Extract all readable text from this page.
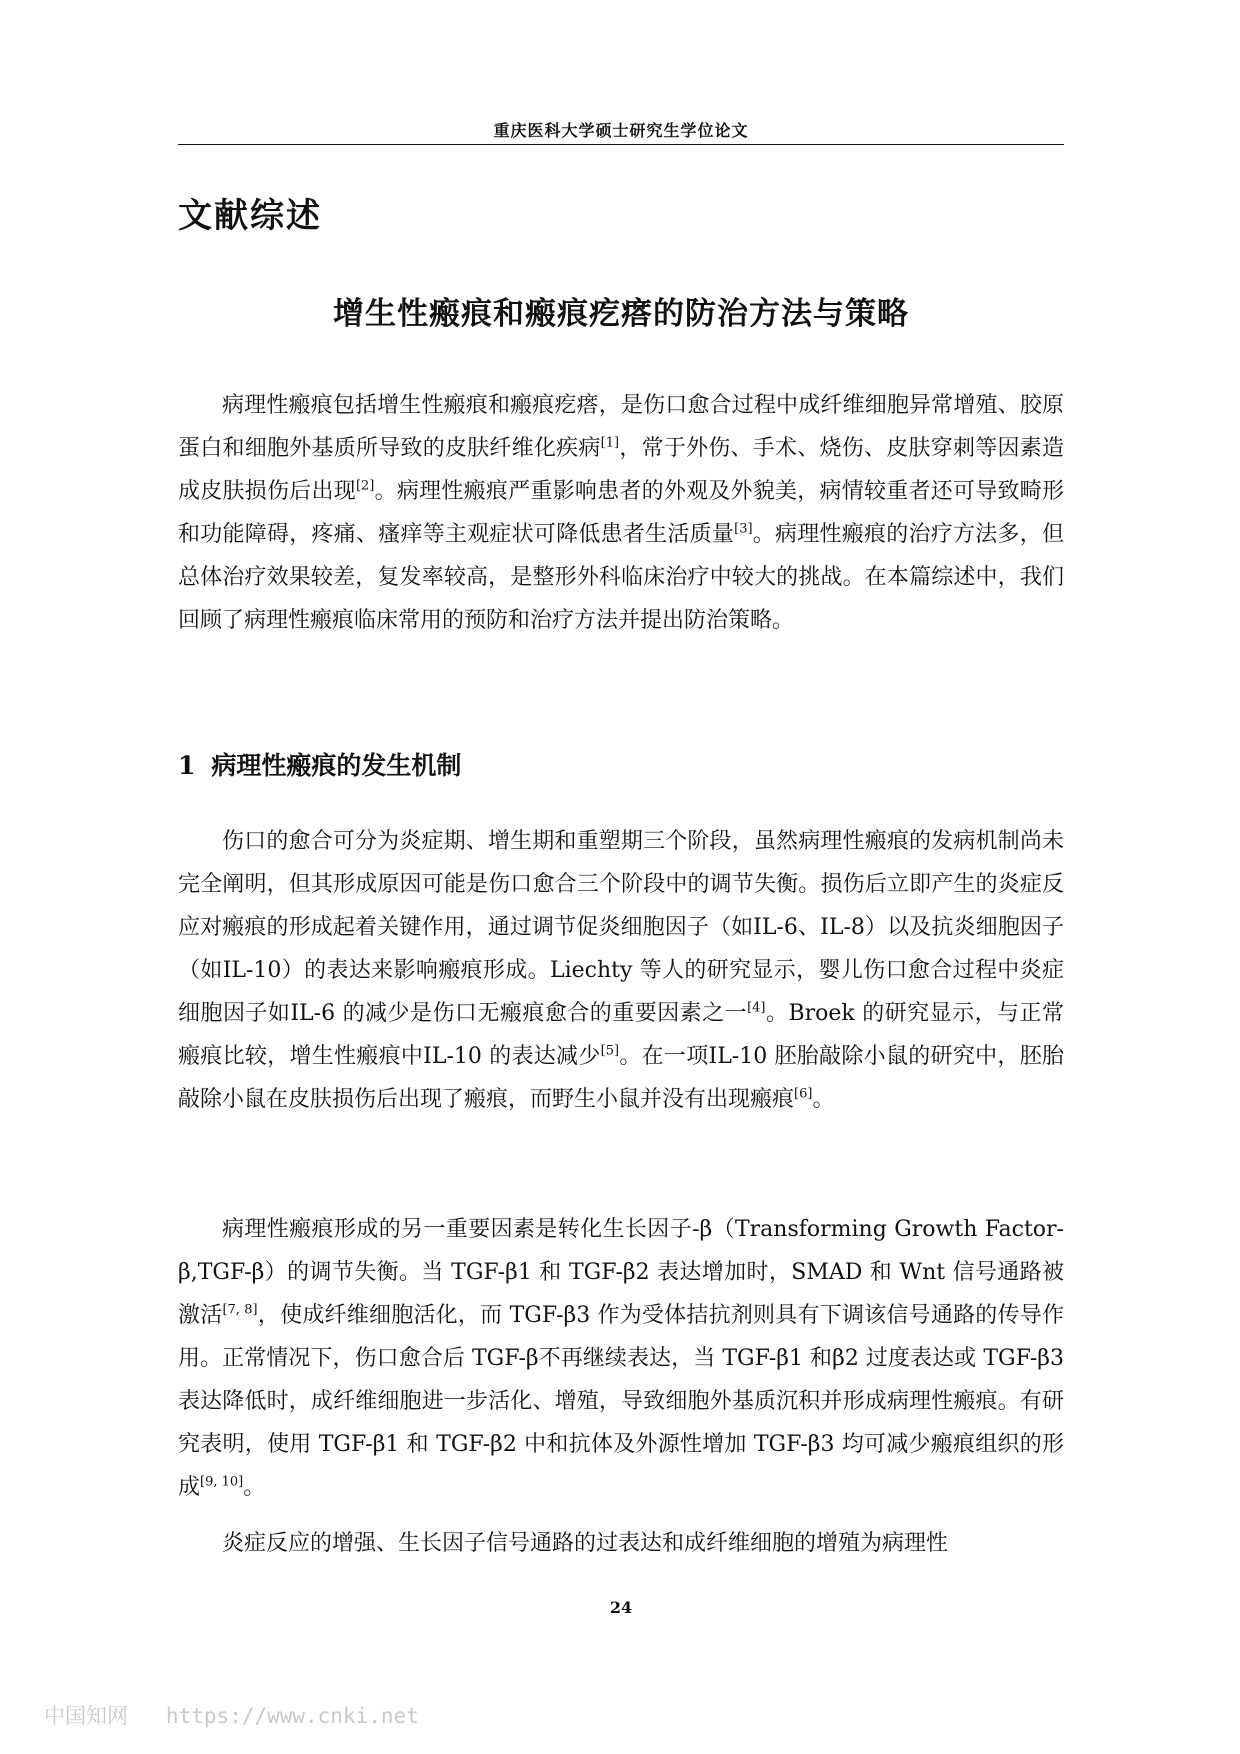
重庆医科大学硕士研究生学位论文
文献综述
增生性瘢痕和瘢痕疙瘩的防治方法与策略

病理性瘢痕包括增生性瘢痕和瘢痕疙瘩，是伤口愈合过程中成纤维细胞异常增殖、胶原蛋白和细胞外基质所导致的皮肤纤维化疾病[1]，常于外伤、手术、烧伤、皮肤穿刺等因素造成皮肤损伤后出现[2]。病理性瘢痕严重影响患者的外观及外貌美，病情较重者还可导致畸形和功能障碍，疼痛、瘙痒等主观症状可降低患者生活质量[3]。病理性瘢痕的治疗方法多，但总体治疗效果较差，复发率较高，是整形外科临床治疗中较大的挑战。在本篇综述中，我们回顾了病理性瘢痕临床常用的预防和治疗方法并提出防治策略。

1 病理性瘢痕的发生机制

伤口的愈合可分为炎症期、增生期和重塑期三个阶段，虽然病理性瘢痕的发病机制尚未完全阐明，但其形成原因可能是伤口愈合三个阶段中的调节失衡。损伤后立即产生的炎症反应对瘢痕的形成起着关键作用，通过调节促炎细胞因子（如IL-6、IL-8）以及抗炎细胞因子（如IL-10）的表达来影响瘢痕形成。Liechty 等人的研究显示，婴儿伤口愈合过程中炎症细胞因子如IL-6 的减少是伤口无瘢痕愈合的重要因素之一[4]。Broek 的研究显示，与正常瘢痕比较，增生性瘢痕中IL-10 的表达减少[5]。在一项IL-10 胚胎敲除小鼠的研究中，胚胎敲除小鼠在皮肤损伤后出现了瘢痕，而野生小鼠并没有出现瘢痕[6]。

病理性瘢痕形成的另一重要因素是转化生长因子-β（Transforming Growth Factor-β,TGF-β）的调节失衡。当 TGF-β1 和 TGF-β2 表达增加时，SMAD 和 Wnt 信号通路被激活[7, 8]，使成纤维细胞活化，而 TGF-β3 作为受体拮抗剂则具有下调该信号通路的传导作用。正常情况下，伤口愈合后 TGF-β不再继续表达，当 TGF-β1 和β2 过度表达或 TGF-β3 表达降低时，成纤维细胞进一步活化、增殖，导致细胞外基质沉积并形成病理性瘢痕。有研究表明，使用 TGF-β1 和 TGF-β2 中和抗体及外源性增加 TGF-β3 均可减少瘢痕组织的形成[9, 10]。

炎症反应的增强、生长因子信号通路的过表达和成纤维细胞的增殖为病理性

24
中国知网   https://www.cnki.net
